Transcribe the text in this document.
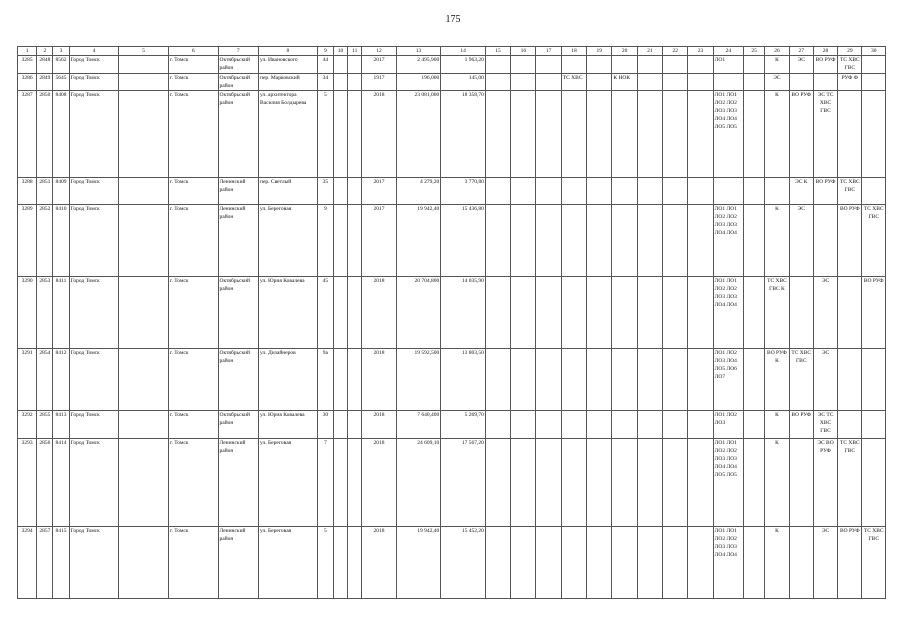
175
1	2	3	4	5	6	7	8	9	10	11	12	13	14	15	16	17	18	19	20	21	22	23	24	25	26	27	28	29	30
3285	2848	8562	Город Томск		г. Томск	Октябрьский район	ул. Ивановского	44			2017	2 495,900	1 963,20										ЛО1		К	ЭС	ВО РУФ	ТС ХВС ГВС	
3286	2849	5645	Город Томск		г. Томск	Октябрьский район	пер. Марковский	34			1917	196,000	145,00				ТС ХВС		К НОК						ЭС			РУФ Ф	
3287	2850	8408	Город Томск		г. Томск	Октябрьский район	ул. архитектора Василия Болдырева	5			2018	23 081,000	18 358,70										ЛО1 ЛО1 ЛО2 ЛО2 ЛО3 ЛО3 ЛО4 ЛО4 ЛО5 ЛО5		К	ВО РУФ	ЭС ТС ХВС ГВС		
3288	2851	8409	Город Томск		г. Томск	Ленинский район	пер. Светлый	35			2017	4 279,20	3 770,80													ЭС К	ВО РУФ	ТС ХВС ГВС	
3289	2852	8410	Город Томск		г. Томск	Ленинский район	ул. Береговая	9			2017	19 942,40	15 436,80										ЛО1 ЛО1 ЛО2 ЛО2 ЛО3 ЛО3 ЛО4 ЛО4		К	ЭС		ВО РУФ	ТС ХВС ГВС
3290	2853	8411	Город Томск		г. Томск	Октябрьский район	ул. Юрия Ковалева	45			2018	20 704,800	14 035,90										ЛО1 ЛО1 ЛО2 ЛО2 ЛО3 ЛО3 ЛО4 ЛО4		ТС ХВС ГВС К		ЭС		ВО РУФ
3291	2854	8412	Город Томск		г. Томск	Октябрьский район	ул. Дизайнеров	9а			2018	19 592,500	13 803,50										ЛО1 ЛО2 ЛО3 ЛО4 ЛО5 ЛО6 ЛО7		ВО РУФ К	ТС ХВС ГВС	ЭС		
3292	2855	8413	Город Томск		г. Томск	Октябрьский район	ул. Юрия Ковалева	30			2018	7 640,400	5 269,70										ЛО1 ЛО2 ЛО3		К	ВО РУФ	ЭС ТС ХВС ГВС		
3293	2856	8414	Город Томск		г. Томск	Ленинский район	ул. Береговая	7			2018	24 609,10	17 567,20										ЛО1 ЛО1 ЛО2 ЛО2 ЛО3 ЛО3 ЛО4 ЛО4 ЛО5 ЛО5		К		ЭС ВО РУФ	ТС ХВС ГВС	
3294	2857	8415	Город Томск		г. Томск	Ленинский район	ул. Береговая	5			2018	19 942,40	15 452,20										ЛО1 ЛО1 ЛО2 ЛО2 ЛО3 ЛО3 ЛО4 ЛО4		К		ЭС	ВО РУФ	ТС ХВС ГВС
